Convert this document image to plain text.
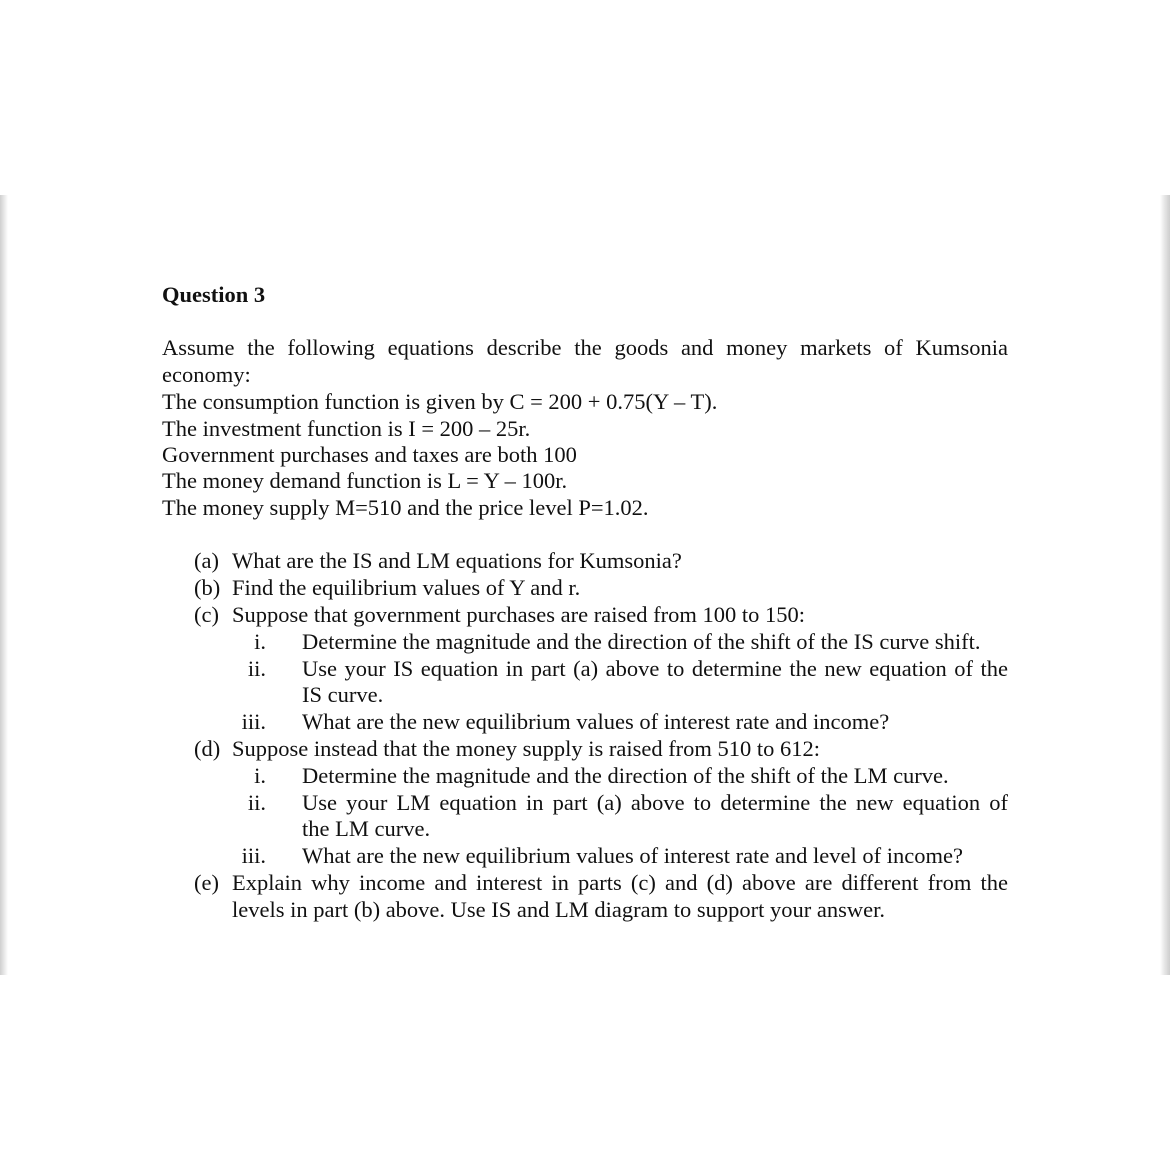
Question 3
Assume the following equations describe the goods and money markets of Kumsonia
economy:
The consumption function is given by C = 200 + 0.75(Y – T).
The investment function is I = 200 – 25r.
Government purchases and taxes are both 100
The money demand function is L = Y – 100r.
The money supply M=510 and the price level P=1.02.
(a) What are the IS and LM equations for Kumsonia?
(b) Find the equilibrium values of Y and r.
(c) Suppose that government purchases are raised from 100 to 150:
i. Determine the magnitude and the direction of the shift of the IS curve shift.
ii. Use your IS equation in part (a) above to determine the new equation of the
IS curve.
iii. What are the new equilibrium values of interest rate and income?
(d) Suppose instead that the money supply is raised from 510 to 612:
i. Determine the magnitude and the direction of the shift of the LM curve.
ii. Use your LM equation in part (a) above to determine the new equation of
the LM curve.
iii. What are the new equilibrium values of interest rate and level of income?
(e) Explain why income and interest in parts (c) and (d) above are different from the
levels in part (b) above. Use IS and LM diagram to support your answer.
